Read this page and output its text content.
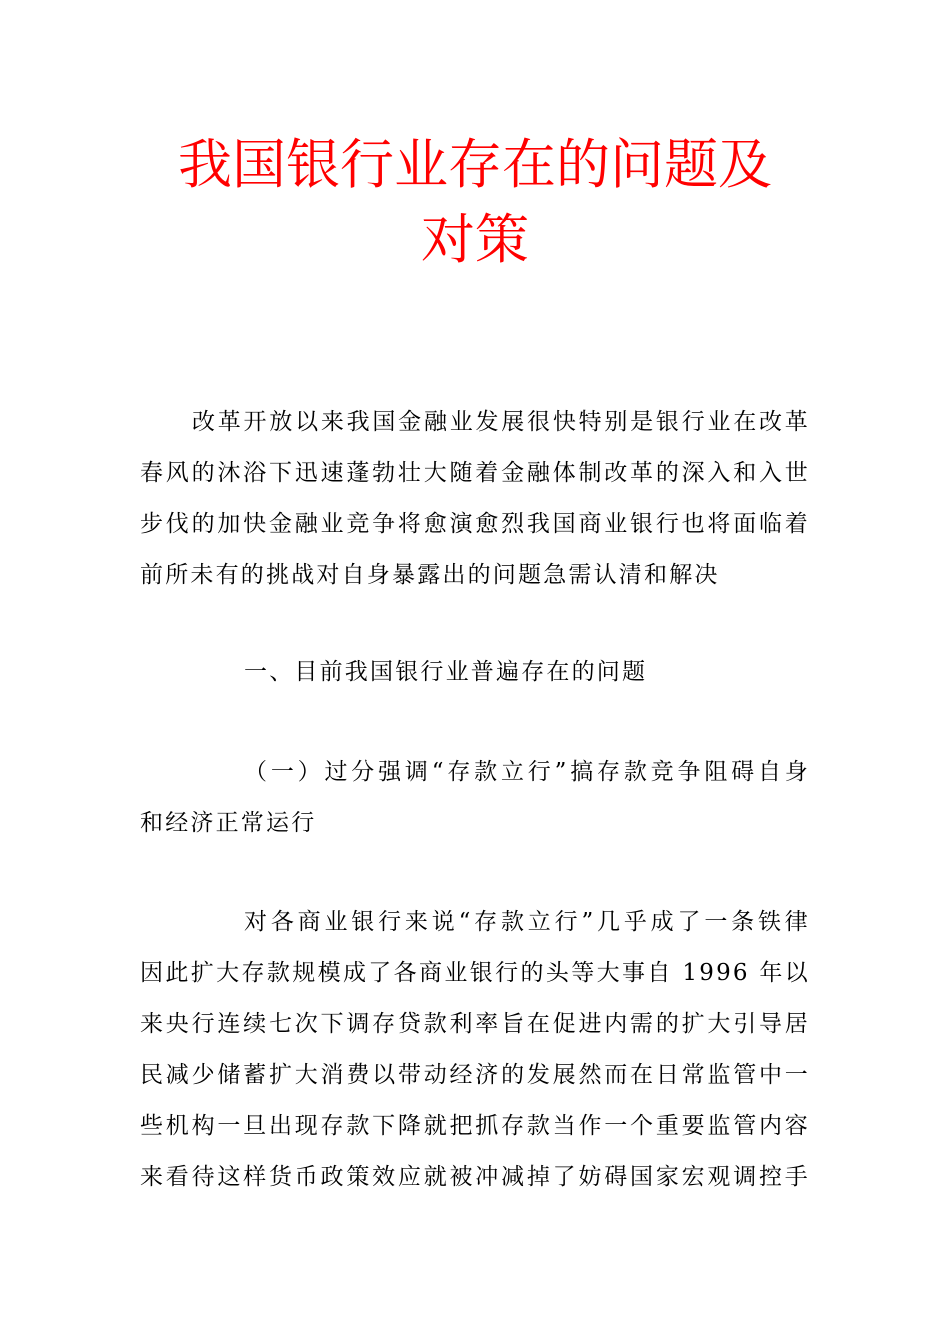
我国银行业存在的问题及
对策
改革开放以来我国金融业发展很快特别是银行业在改革
春风的沐浴下迅速蓬勃壮大随着金融体制改革的深入和入世
步伐的加快金融业竞争将愈演愈烈我国商业银行也将面临着
前所未有的挑战对自身暴露出的问题急需认清和解决
一、目前我国银行业普遍存在的问题
（一）过分强调“存款立行”搞存款竞争阻碍自身
和经济正常运行
对各商业银行来说“存款立行”几乎成了一条铁律
因此扩大存款规模成了各商业银行的头等大事自 1996 年以
来央行连续七次下调存贷款利率旨在促进内需的扩大引导居
民减少储蓄扩大消费以带动经济的发展然而在日常监管中一
些机构一旦出现存款下降就把抓存款当作一个重要监管内容
来看待这样货币政策效应就被冲减掉了妨碍国家宏观调控手
